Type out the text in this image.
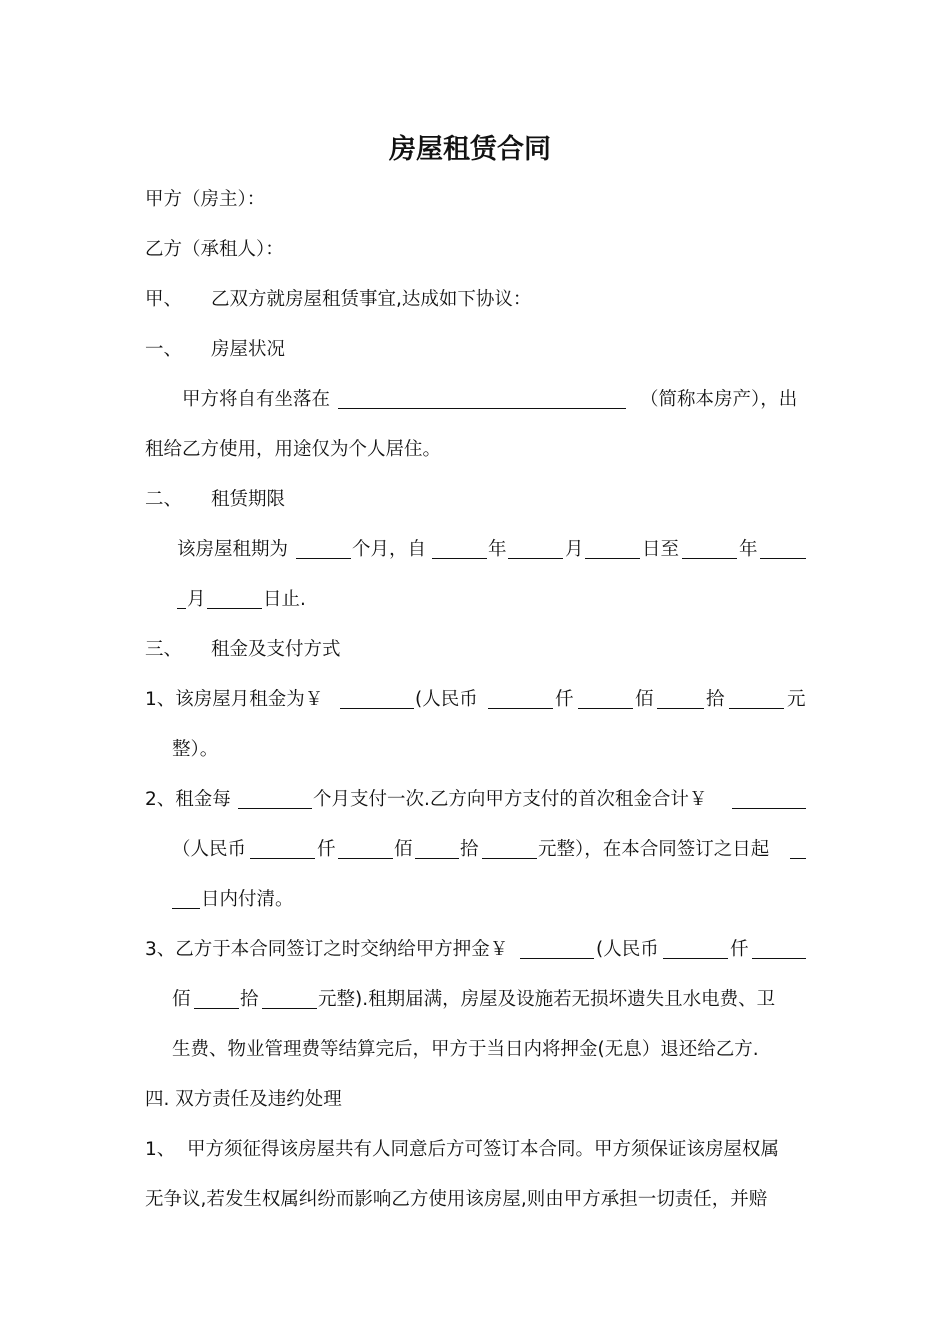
房屋租赁合同
甲方（房主）：
乙方（承租人）：
甲、 乙双方就房屋租赁事宜,达成如下协议：
一、 房屋状况

甲方将自有坐落在

	（简称本房产），出

租给乙方使用，用途仅为个人居住。
二、 租赁期限

该房屋租期为

	个月，自

	年

	月

	日至

	年

月

	日止.

三、 租金及支付方式

1、该房屋月租金为￥

	(人民币

	仟

	佰

	拾

	元

整）。

2、租金每

	个月支付一次.乙方向甲方支付的首次租金合计￥

（人民币

	仟

	佰

	拾

	元整），在本合同签订之日起

日内付清。

3、乙方于本合同签订之时交纳给甲方押金￥

	(人民币

	仟

佰

	拾

	元整).租期届满，房屋及设施若无损坏遗失且水电费、卫

生费、物业管理费等结算完后，甲方于当日内将押金(无息）退还给乙方.
四. 双方责任及违约处理

1、

甲方须征得该房屋共有人同意后方可签订本合同。甲方须保证该房屋权属

无争议,若发生权属纠纷而影响乙方使用该房屋,则由甲方承担一切责任，并赔
